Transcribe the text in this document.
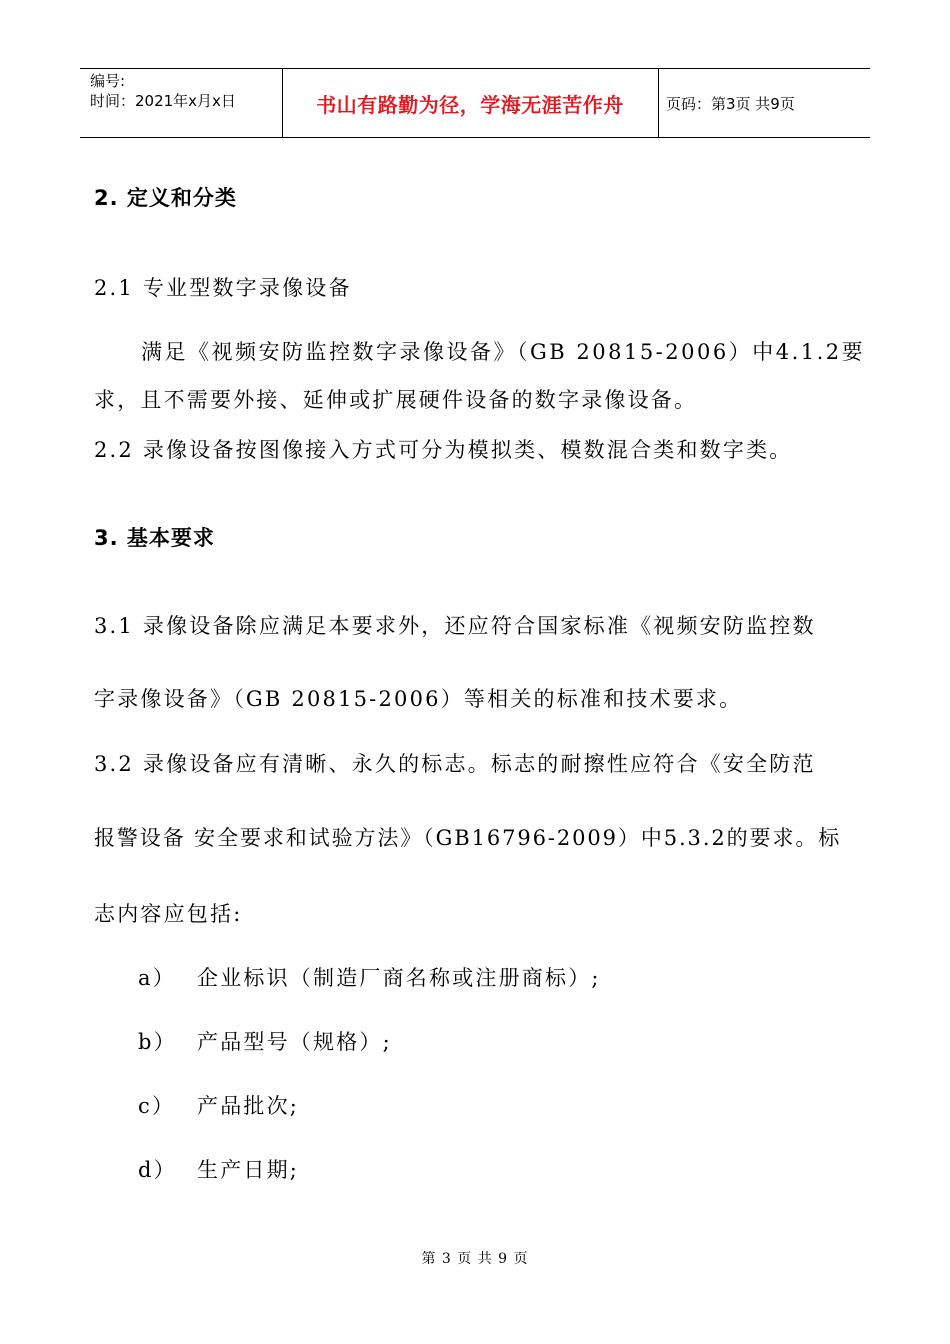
编号:
时间：2021年x月x日	书山有路勤为径，学海无涯苦作舟	页码：第3页 共9页
2. 定义和分类
2.1 专业型数字录像设备
满足《视频安防监控数字录像设备》（GB 20815-2006）中4.1.2要
求，且不需要外接、延伸或扩展硬件设备的数字录像设备。
2.2 录像设备按图像接入方式可分为模拟类、模数混合类和数字类。
3. 基本要求
3.1 录像设备除应满足本要求外，还应符合国家标准《视频安防监控数
字录像设备》（GB 20815-2006）等相关的标准和技术要求。
3.2 录像设备应有清晰、永久的标志。标志的耐擦性应符合《安全防范
报警设备 安全要求和试验方法》（GB16796-2009）中5.3.2的要求。标
志内容应包括:
a） 企业标识（制造厂商名称或注册商标）;
b） 产品型号（规格）;
c） 产品批次;
d） 生产日期;
第 3 页 共 9 页
